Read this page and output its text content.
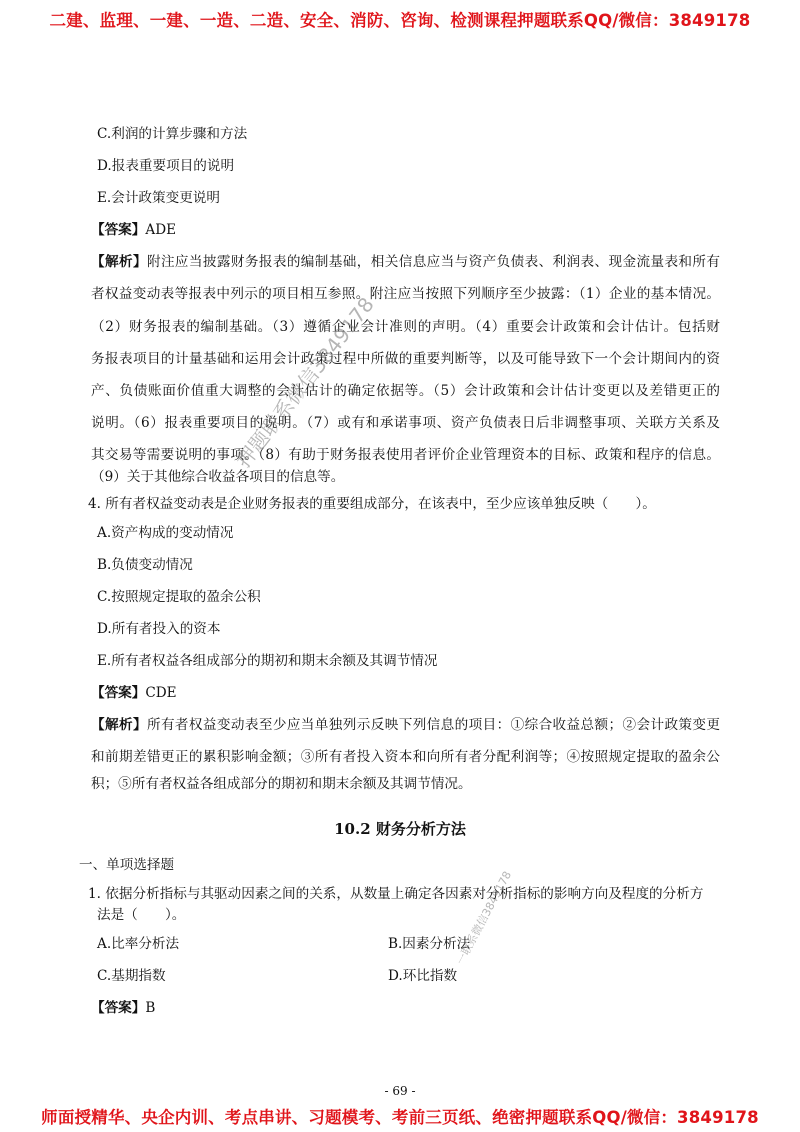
二建、监理、一建、一造、二造、安全、消防、咨询、检测课程押题联系QQ/微信：3849178
C.利润的计算步骤和方法
D.报表重要项目的说明
E.会计政策变更说明
【答案】ADE
【解析】附注应当披露财务报表的编制基础，相关信息应当与资产负债表、利润表、现金流量表和所有
者权益变动表等报表中列示的项目相互参照。附注应当按照下列顺序至少披露：（1）企业的基本情况。
（2）财务报表的编制基础。（3）遵循企业会计准则的声明。（4）重要会计政策和会计估计。包括财
务报表项目的计量基础和运用会计政策过程中所做的重要判断等，以及可能导致下一个会计期间内的资
产、负债账面价值重大调整的会计估计的确定依据等。（5）会计政策和会计估计变更以及差错更正的
说明。（6）报表重要项目的说明。（7）或有和承诺事项、资产负债表日后非调整事项、关联方关系及
其交易等需要说明的事项。（8）有助于财务报表使用者评价企业管理资本的目标、政策和程序的信息。
（9）关于其他综合收益各项目的信息等。
4. 所有者权益变动表是企业财务报表的重要组成部分，在该表中，至少应该单独反映（　　）。
A.资产构成的变动情况
B.负债变动情况
C.按照规定提取的盈余公积
D.所有者投入的资本
E.所有者权益各组成部分的期初和期末余额及其调节情况
【答案】CDE
【解析】所有者权益变动表至少应当单独列示反映下列信息的项目：①综合收益总额；②会计政策变更
和前期差错更正的累积影响金额；③所有者投入资本和向所有者分配利润等；④按照规定提取的盈余公
积；⑤所有者权益各组成部分的期初和期末余额及其调节情况。
10.2 财务分析方法
一、单项选择题
1. 依据分析指标与其驱动因素之间的关系，从数量上确定各因素对分析指标的影响方向及程度的分析方
法是（　　）。
A.比率分析法	B.因素分析法
C.基期指数	D.环比指数
【答案】B
押题联系微信3849178
一联系微信3849178
- 69 -
师面授精华、央企内训、考点串讲、习题模考、考前三页纸、绝密押题联系QQ/微信：3849178
